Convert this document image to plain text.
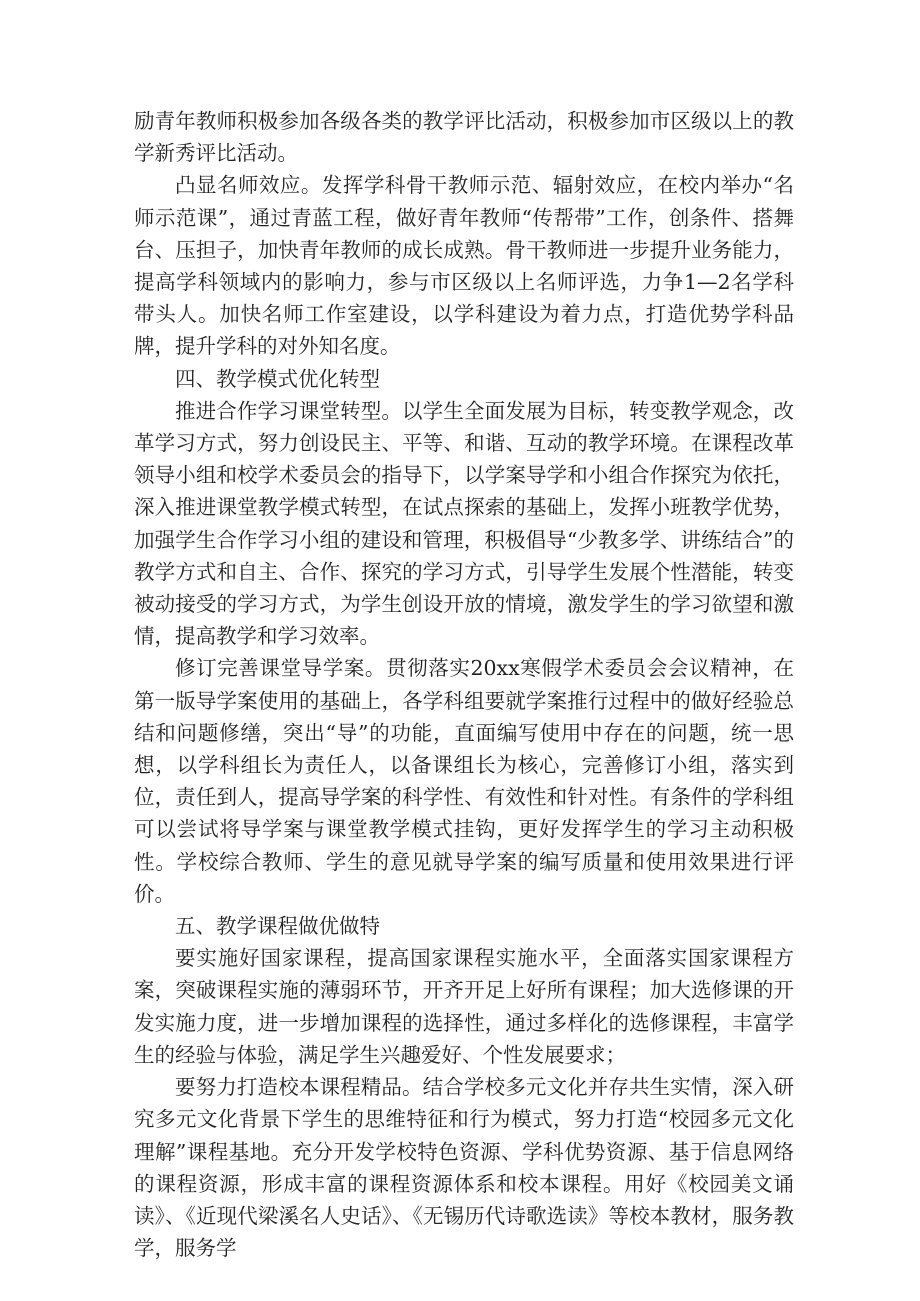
励青年教师积极参加各级各类的教学评比活动，积极参加市区级以上的教学新秀评比活动。

凸显名师效应。发挥学科骨干教师示范、辐射效应，在校内举办“名师示范课”，通过青蓝工程，做好青年教师“传帮带”工作，创条件、搭舞台、压担子，加快青年教师的成长成熟。骨干教师进一步提升业务能力，提高学科领域内的影响力，参与市区级以上名师评选，力争1—2名学科带头人。加快名师工作室建设，以学科建设为着力点，打造优势学科品牌，提升学科的对外知名度。

四、教学模式优化转型

推进合作学习课堂转型。以学生全面发展为目标，转变教学观念，改革学习方式，努力创设民主、平等、和谐、互动的教学环境。在课程改革领导小组和校学术委员会的指导下，以学案导学和小组合作探究为依托，深入推进课堂教学模式转型，在试点探索的基础上，发挥小班教学优势，加强学生合作学习小组的建设和管理，积极倡导“少教多学、讲练结合”的教学方式和自主、合作、探究的学习方式，引导学生发展个性潜能，转变被动接受的学习方式，为学生创设开放的情境，激发学生的学习欲望和激情，提高教学和学习效率。

修订完善课堂导学案。贯彻落实20xx寒假学术委员会会议精神，在第一版导学案使用的基础上，各学科组要就学案推行过程中的做好经验总结和问题修缮，突出“导”的功能，直面编写使用中存在的问题，统一思想，以学科组长为责任人，以备课组长为核心，完善修订小组，落实到位，责任到人，提高导学案的科学性、有效性和针对性。有条件的学科组可以尝试将导学案与课堂教学模式挂钩，更好发挥学生的学习主动积极性。学校综合教师、学生的意见就导学案的编写质量和使用效果进行评价。

五、教学课程做优做特

要实施好国家课程，提高国家课程实施水平，全面落实国家课程方案，突破课程实施的薄弱环节，开齐开足上好所有课程；加大选修课的开发实施力度，进一步增加课程的选择性，通过多样化的选修课程，丰富学生的经验与体验，满足学生兴趣爱好、个性发展要求；

要努力打造校本课程精品。结合学校多元文化并存共生实情，深入研究多元文化背景下学生的思维特征和行为模式，努力打造“校园多元文化理解”课程基地。充分开发学校特色资源、学科优势资源、基于信息网络的课程资源，形成丰富的课程资源体系和校本课程。用好《校园美文诵读》、《近现代梁溪名人史话》、《无锡历代诗歌选读》等校本教材，服务教学，服务学
